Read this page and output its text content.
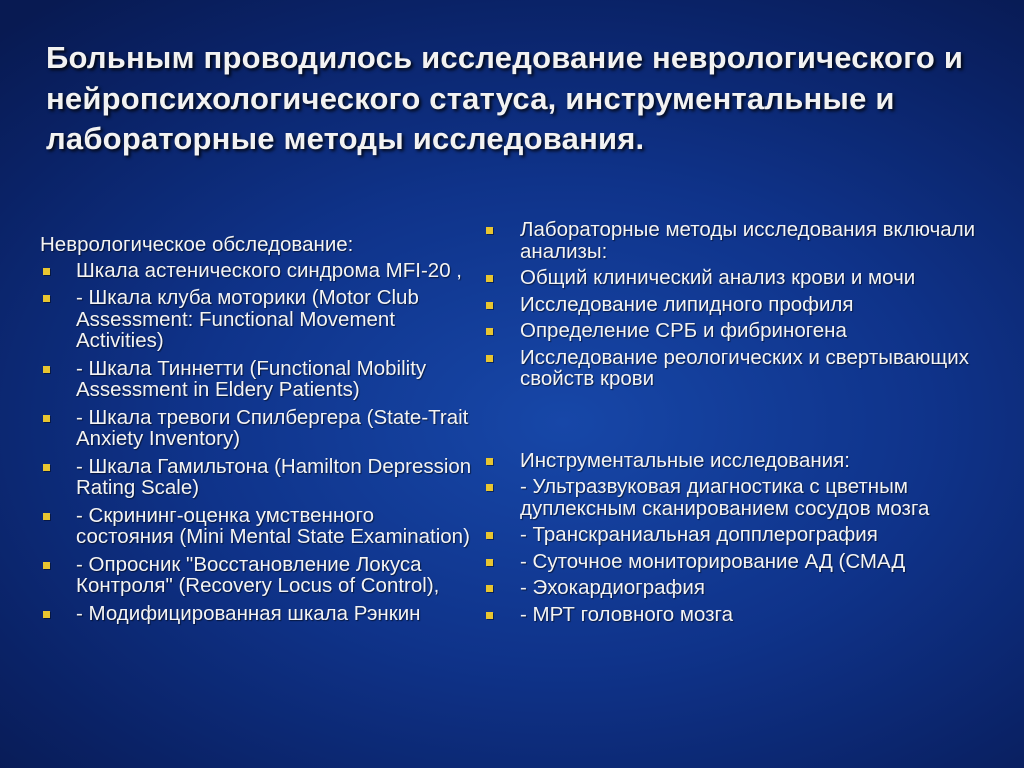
Больным проводилось исследование неврологического и нейропсихологического статуса, инструментальные и лабораторные методы исследования.
Неврологическое обследование:
Шкала астенического синдрома MFI-20 ,
- Шкала клуба моторики (Motor Club Assessment: Functional Movement Activities)
- Шкала Тиннетти (Functional Mobility Assessment in Eldery Patients)
- Шкала тревоги Спилбергера (State-Trait Anxiety Inventory)
- Шкала Гамильтона (Hamilton Depression Rating Scale)
- Скрининг-оценка умственного состояния (Mini Mental State Examination)
- Опросник "Восстановление Локуса Контроля" (Recovery Locus of Control),
- Модифицированная шкала Рэнкин
Лабораторные методы исследования включали анализы:
Общий клинический анализ крови и мочи
Исследование липидного профиля
Определение СРБ и фибриногена
Исследование реологических и свертывающих свойств крови
Инструментальные исследования:
- Ультразвуковая диагностика с цветным дуплексным сканированием сосудов мозга
- Транскраниальная допплерография
- Суточное мониторирование АД (СМАД
- Эхокардиография
- МРТ головного мозга
